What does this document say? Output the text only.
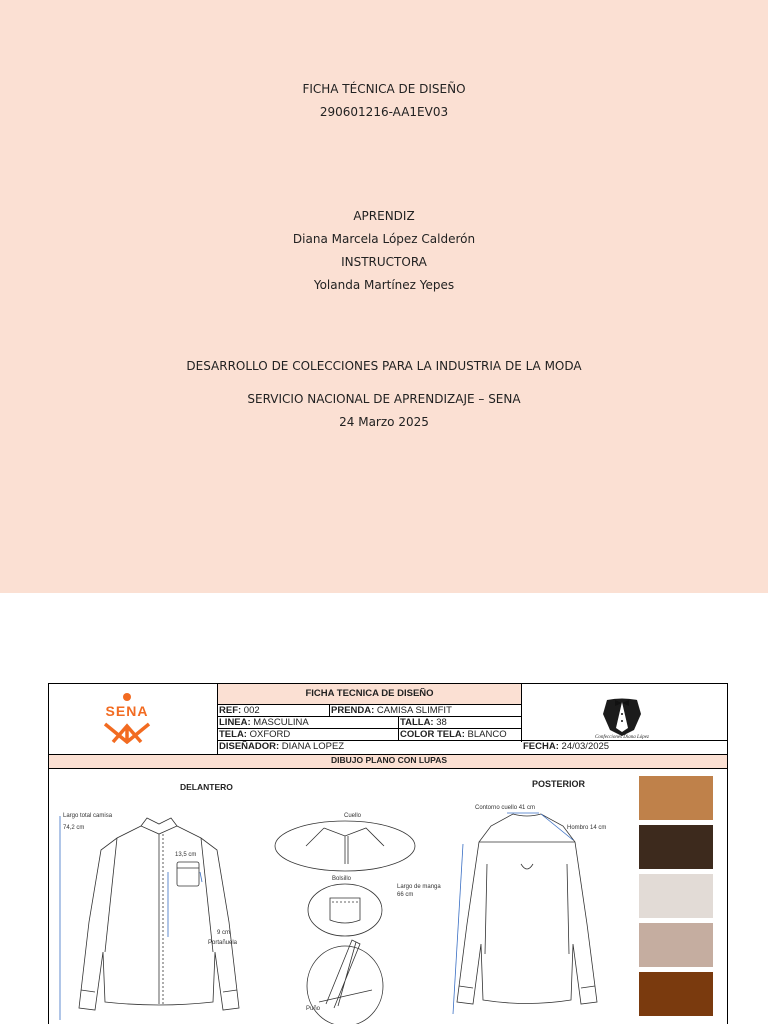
FICHA TÉCNICA DE DISEÑO
290601216-AA1EV03
APRENDIZ
Diana Marcela López Calderón
INSTRUCTORA
Yolanda Martínez Yepes
DESARROLLO DE COLECCIONES PARA LA INDUSTRIA DE LA MODA
SERVICIO NACIONAL DE APRENDIZAJE – SENA
24 Marzo 2025
SENA
Confecciones Diana López
FICHA TECNICA DE DISEÑO
REF: 002	PRENDA: CAMISA SLIMFIT
LINEA: MASCULINA	TALLA: 38
TELA: OXFORD	COLOR TELA: BLANCO
DISEÑADOR: DIANA LOPEZ	FECHA: 24/03/2025
DIBUJO PLANO CON LUPAS
DELANTERO	POSTERIOR
Largo total camisa
74,2 cm
13,5 cm
9 cm
Portañuela
Cuello
Bolsillo
Puño
Contorno cuello 41 cm
Hombro 14 cm
Largo de manga
66 cm
